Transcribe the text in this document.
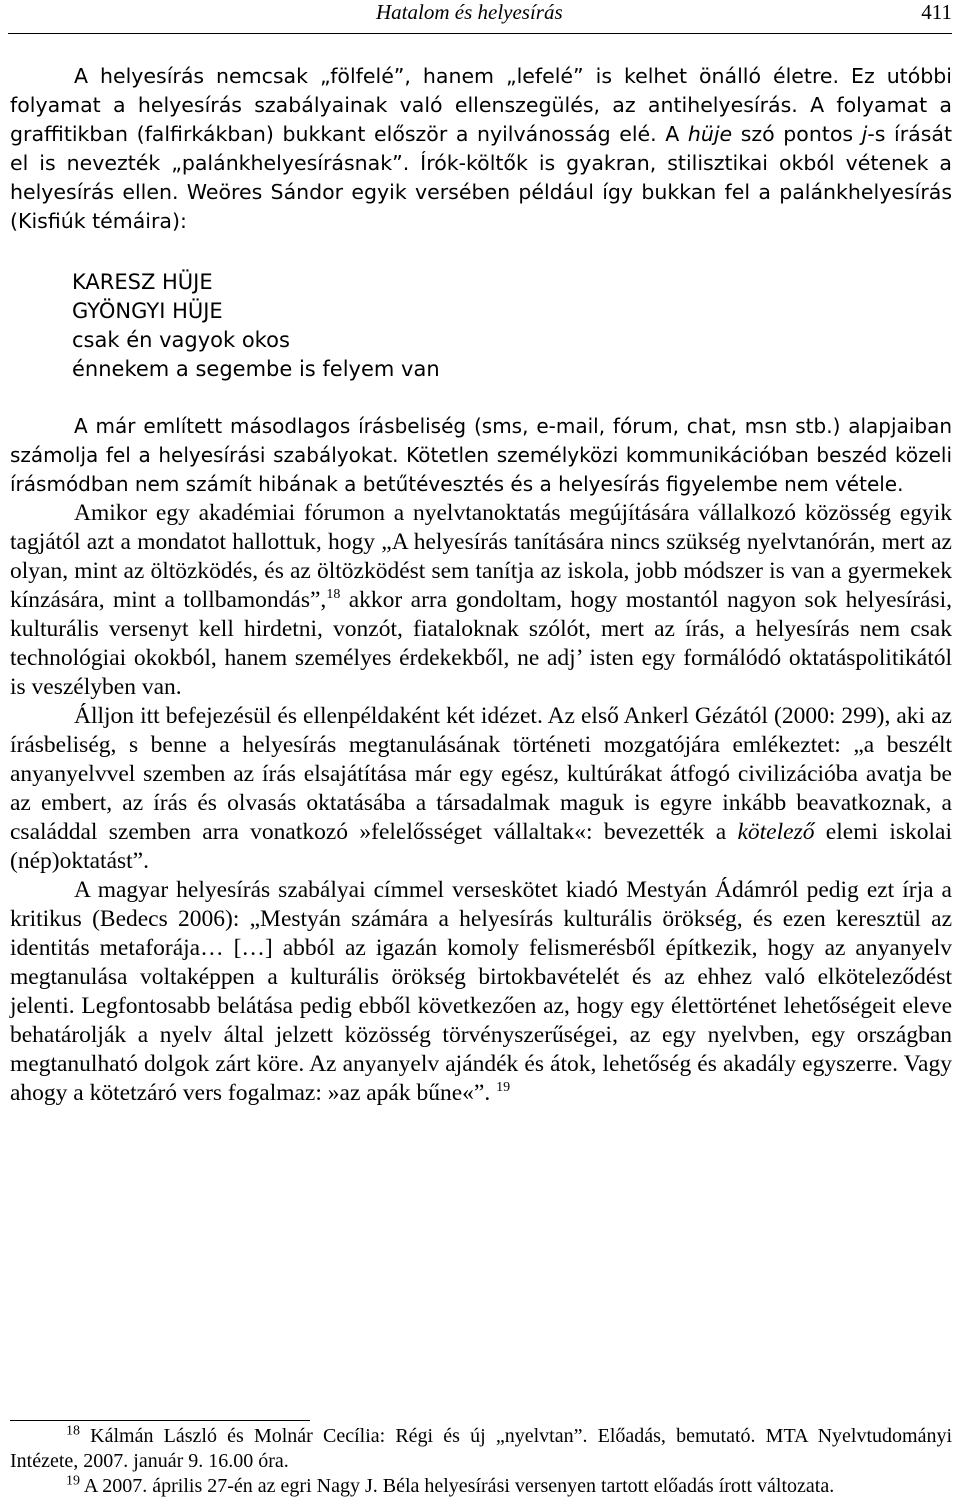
Hatalom és helyesírás	411

A helyesírás nemcsak „fölfelé”, hanem „lefelé” is kelhet önálló életre. Ez utóbbi folyamat a helyesírás szabályainak való ellenszegülés, az antihelyesírás. A folyamat a graffitikban (falfirkákban) bukkant először a nyilvánosság elé. A hüje szó pontos j-s írását el is nevezték „palánkhelyesírásnak”. Írók-költők is gyakran, stilisztikai okból vétenek a helyesírás ellen. Weöres Sándor egyik versében például így bukkan fel a palánkhelyesírás (Kisfiúk témáira):

KARESZ HÜJE
GYÖNGYI HÜJE
csak én vagyok okos
énnekem a segembe is felyem van

A már említett másodlagos írásbeliség (sms, e-mail, fórum, chat, msn stb.) alapjaiban számolja fel a helyesírási szabályokat. Kötetlen személyközi kommunikációban beszéd közeli írásmódban nem számít hibának a betűtévesztés és a helyesírás figyelembe nem vétele.

Amikor egy akadémiai fórumon a nyelvtanoktatás megújítására vállalkozó közösség egyik tagjától azt a mondatot hallottuk, hogy „A helyesírás tanítására nincs szükség nyelvtanórán, mert az olyan, mint az öltözködés, és az öltözködést sem tanítja az iskola, jobb módszer is van a gyermekek kínzására, mint a tollbamondás”,$^{18}$ akkor arra gondoltam, hogy mostantól nagyon sok helyesírási, kulturális versenyt kell hirdetni, vonzót, fiataloknak szólót, mert az írás, a helyesírás nem csak technológiai okokból, hanem személyes érdekekből, ne adj’ isten egy formálódó oktatáspolitikától is veszélyben van.

Álljon itt befejezésül és ellenpéldaként két idézet. Az első Ankerl Gézától (2000: 299), aki az írásbeliség, s benne a helyesírás megtanulásának történeti mozgatójára emlékeztet: „a beszélt anyanyelvvel szemben az írás elsajátítása már egy egész, kultúrákat átfogó civilizációba avatja be az embert, az írás és olvasás oktatásába a társadalmak maguk is egyre inkább beavatkoznak, a családdal szemben arra vonatkozó »felelősséget vállaltak«: bevezették a kötelező elemi iskolai (nép)oktatást”.

A magyar helyesírás szabályai címmel verseskötet kiadó Mestyán Ádámról pedig ezt írja a kritikus (Bedecs 2006): „Mestyán számára a helyesírás kulturális örökség, és ezen keresztül az identitás metaforája… […] abból az igazán komoly felismerésből építkezik, hogy az anyanyelv megtanulása voltaképpen a kulturális örökség birtokbavételét és az ehhez való elköteleződést jelenti. Legfontosabb belátása pedig ebből következően az, hogy egy élettörténet lehetőségeit eleve behatárolják a nyelv által jelzett közösség törvényszerűségei, az egy nyelvben, egy országban megtanulható dolgok zárt köre. Az anyanyelv ajándék és átok, lehetőség és akadály egyszerre. Vagy ahogy a kötetzáró vers fogalmaz: »az apák bűne«”. $^{19}$

$^{18}$ Kálmán László és Molnár Cecília: Régi és új „nyelvtan”. Előadás, bemutató. MTA Nyelvtudományi Intézete, 2007. január 9. 16.00 óra.

$^{19}$ A 2007. április 27-én az egri Nagy J. Béla helyesírási versenyen tartott előadás írott változata.
